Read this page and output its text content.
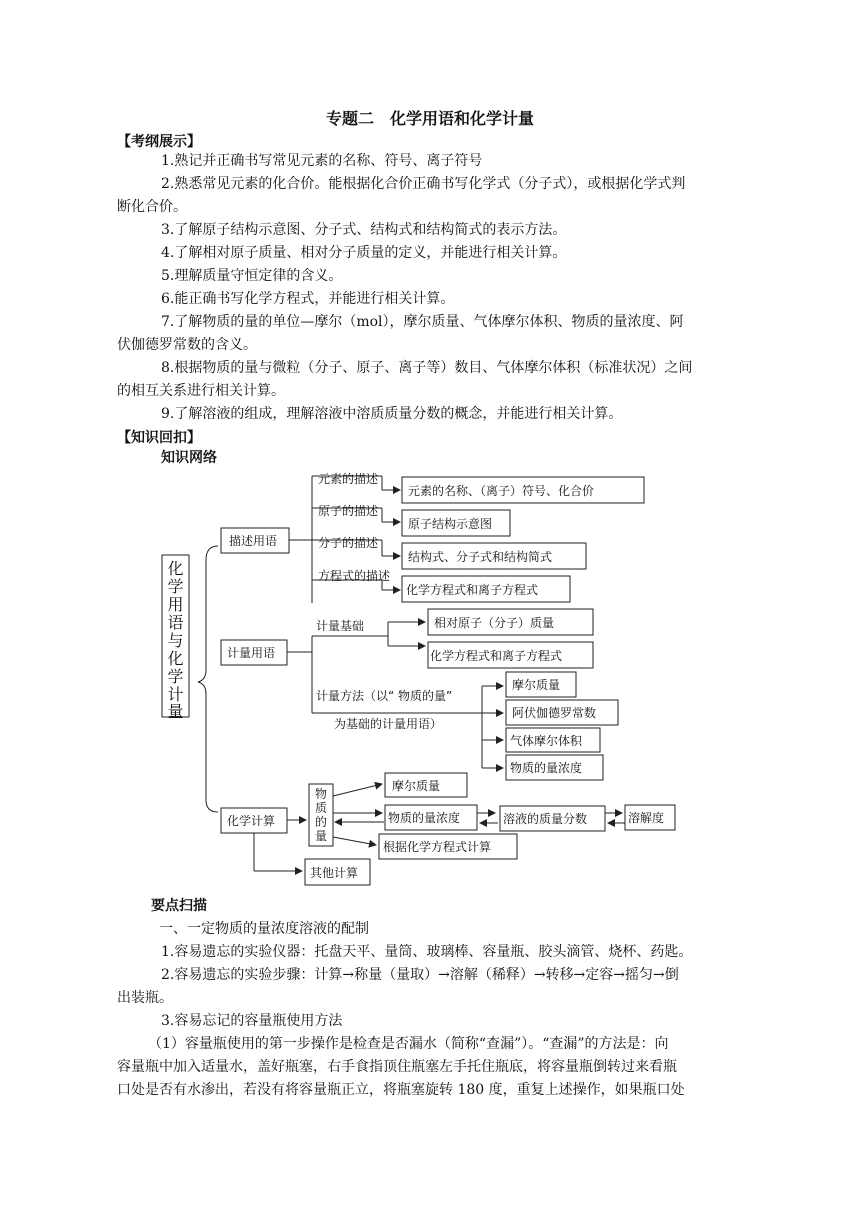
专题二　化学用语和化学计量
【考纲展示】
1.熟记并正确书写常见元素的名称、符号、离子符号
2.熟悉常见元素的化合价。能根据化合价正确书写化学式（分子式），或根据化学式判
断化合价。
3.了解原子结构示意图、分子式、结构式和结构简式的表示方法。
4.了解相对原子质量、相对分子质量的定义，并能进行相关计算。
5.理解质量守恒定律的含义。
6.能正确书写化学方程式，并能进行相关计算。
7.了解物质的量的单位—摩尔（mol），摩尔质量、气体摩尔体积、物质的量浓度、阿
伏伽德罗常数的含义。
8.根据物质的量与微粒（分子、原子、离子等）数目、气体摩尔体积（标准状况）之间
的相互关系进行相关计算。
9.了解溶液的组成，理解溶液中溶质质量分数的概念，并能进行相关计算。
【知识回扣】
知识网络
化
学
用
语
与
化
学
计
量
描述用语
元素的描述
原子的描述
分子的描述
方程式的描述
元素的名称、（离子）符号、化合价
原子结构示意图
结构式、分子式和结构简式
化学方程式和离子方程式
计量用语
计量基础	相对原子（分子）质量
化学方程式和离子方程式
计量方法（以“ 物质的量”
为基础的计量用语）
摩尔质量
阿伏伽德罗常数
气体摩尔体积
物质的量浓度
化学计算
物
质
的
量
摩尔质量
物质的量浓度
根据化学方程式计算
溶液的质量分数	溶解度
其他计算
要点扫描
一、一定物质的量浓度溶液的配制
1.容易遗忘的实验仪器：托盘天平、量筒、玻璃棒、容量瓶、胶头滴管、烧杯、药匙。
2.容易遗忘的实验步骤：计算→称量（量取）→溶解（稀释）→转移→定容→摇匀→倒
出装瓶。
3.容易忘记的容量瓶使用方法
（1）容量瓶使用的第一步操作是检查是否漏水（简称“查漏”）。“查漏”的方法是：向
容量瓶中加入适量水，盖好瓶塞，右手食指顶住瓶塞左手托住瓶底，将容量瓶倒转过来看瓶
口处是否有水渗出，若没有将容量瓶正立，将瓶塞旋转 180 度，重复上述操作，如果瓶口处
